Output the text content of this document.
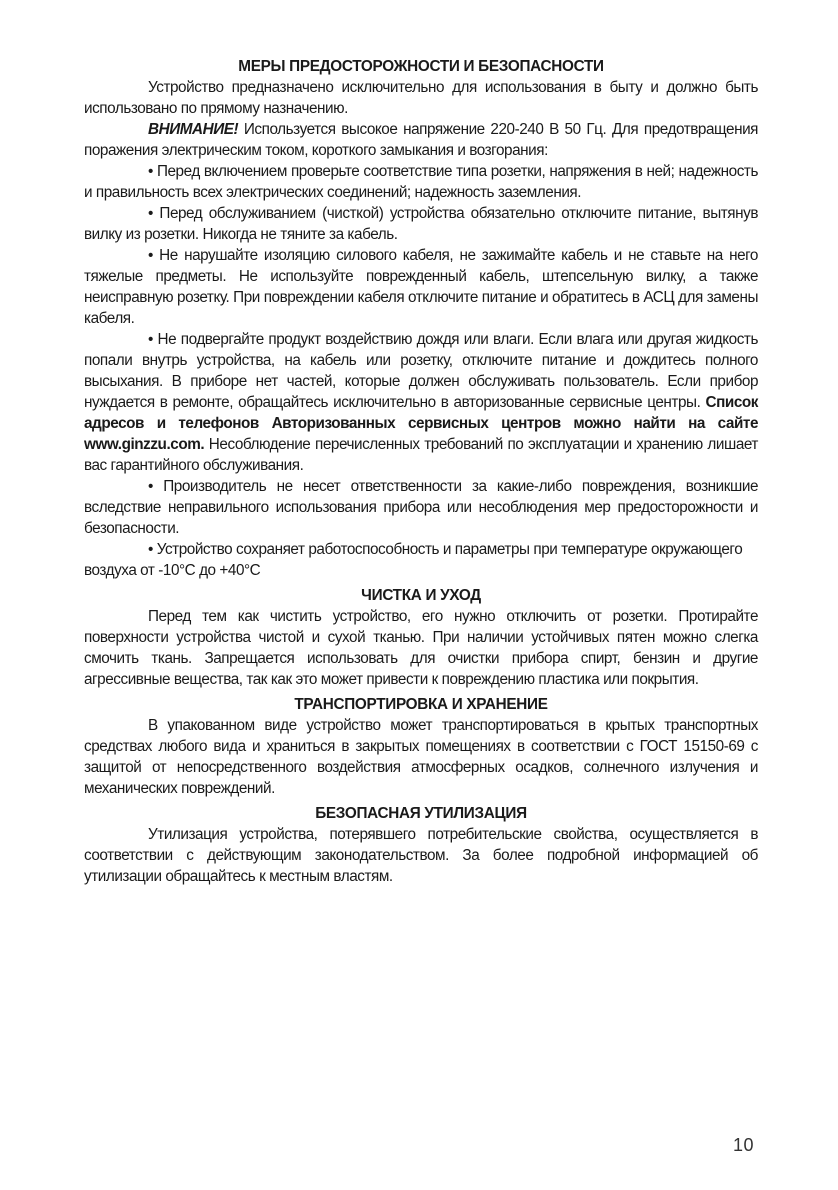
МЕРЫ ПРЕДОСТОРОЖНОСТИ И БЕЗОПАСНОСТИ

Устройство предназначено исключительно для использования в быту и должно быть использовано по прямому назначению.

ВНИМАНИЕ! Используется высокое напряжение 220-240 В 50 Гц. Для предотвращения поражения электрическим током, короткого замыкания и возгорания:

• Перед включением проверьте соответствие типа розетки, напряжения в ней; надежность и правильность всех электрических соединений; надежность заземления.

• Перед обслуживанием (чисткой) устройства обязательно отключите питание, вытянув вилку из розетки. Никогда не тяните за кабель.

• Не нарушайте изоляцию силового кабеля, не зажимайте кабель и не ставьте на него тяжелые предметы. Не используйте поврежденный кабель, штепсельную вилку, а также неисправную розетку. При повреждении кабеля отключите питание и обратитесь в АСЦ для замены кабеля.

• Не подвергайте продукт воздействию дождя или влаги. Если влага или другая жидкость попали внутрь устройства, на кабель или розетку, отключите питание и дождитесь полного высыхания. В приборе нет частей, которые должен обслуживать пользователь. Если прибор нуждается в ремонте, обращайтесь исключительно в авторизованные сервисные центры. Список адресов и телефонов Авторизованных сервисных центров можно найти на сайте www.ginzzu.com. Несоблюдение перечисленных требований по эксплуатации и хранению лишает вас гарантийного обслуживания.

• Производитель не несет ответственности за какие-либо повреждения, возникшие вследствие неправильного использования прибора или несоблюдения мер предосторожности и безопасности.

• Устройство сохраняет работоспособность и параметры при температуре окружающего воздуха от -10°С до +40°С

ЧИСТКА И УХОД

Перед тем как чистить устройство, его нужно отключить от розетки. Протирайте поверхности устройства чистой и сухой тканью. При наличии устойчивых пятен можно слегка смочить ткань. Запрещается использовать для очистки прибора спирт, бензин и другие агрессивные вещества, так как это может привести к повреждению пластика или покрытия.

ТРАНСПОРТИРОВКА И ХРАНЕНИЕ

В упакованном виде устройство может транспортироваться в крытых транспортных средствах любого вида и храниться в закрытых помещениях в соответствии с ГОСТ 15150-69 с защитой от непосредственного воздействия атмосферных осадков, солнечного излучения и механических повреждений.

БЕЗОПАСНАЯ УТИЛИЗАЦИЯ

Утилизация устройства, потерявшего потребительские свойства, осуществляется в соответствии с действующим законодательством. За более подробной информацией об утилизации обращайтесь к местным властям.

10
